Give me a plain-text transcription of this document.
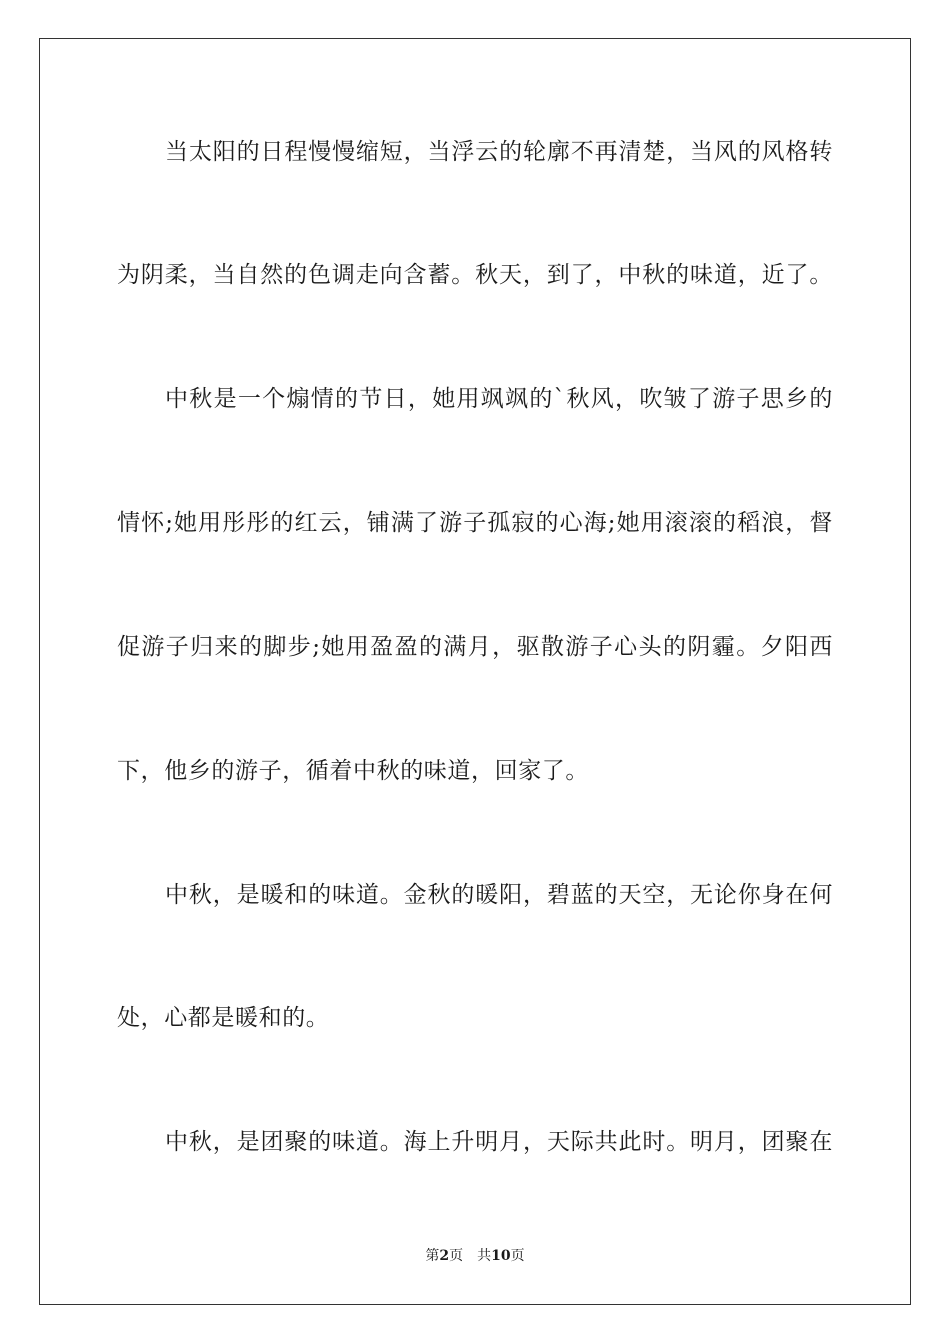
当太阳的日程慢慢缩短，当浮云的轮廓不再清楚，当风的风格转
为阴柔，当自然的色调走向含蓄。秋天，到了，中秋的味道，近了。
中秋是一个煽情的节日，她用飒飒的`秋风，吹皱了游子思乡的
情怀;她用彤彤的红云，铺满了游子孤寂的心海;她用滚滚的稻浪，督
促游子归来的脚步;她用盈盈的满月，驱散游子心头的阴霾。夕阳西
下，他乡的游子，循着中秋的味道，回家了。
中秋，是暖和的味道。金秋的暖阳，碧蓝的天空，无论你身在何
处，心都是暖和的。
中秋，是团聚的味道。海上升明月，天际共此时。明月，团聚在
第2页 共10页
